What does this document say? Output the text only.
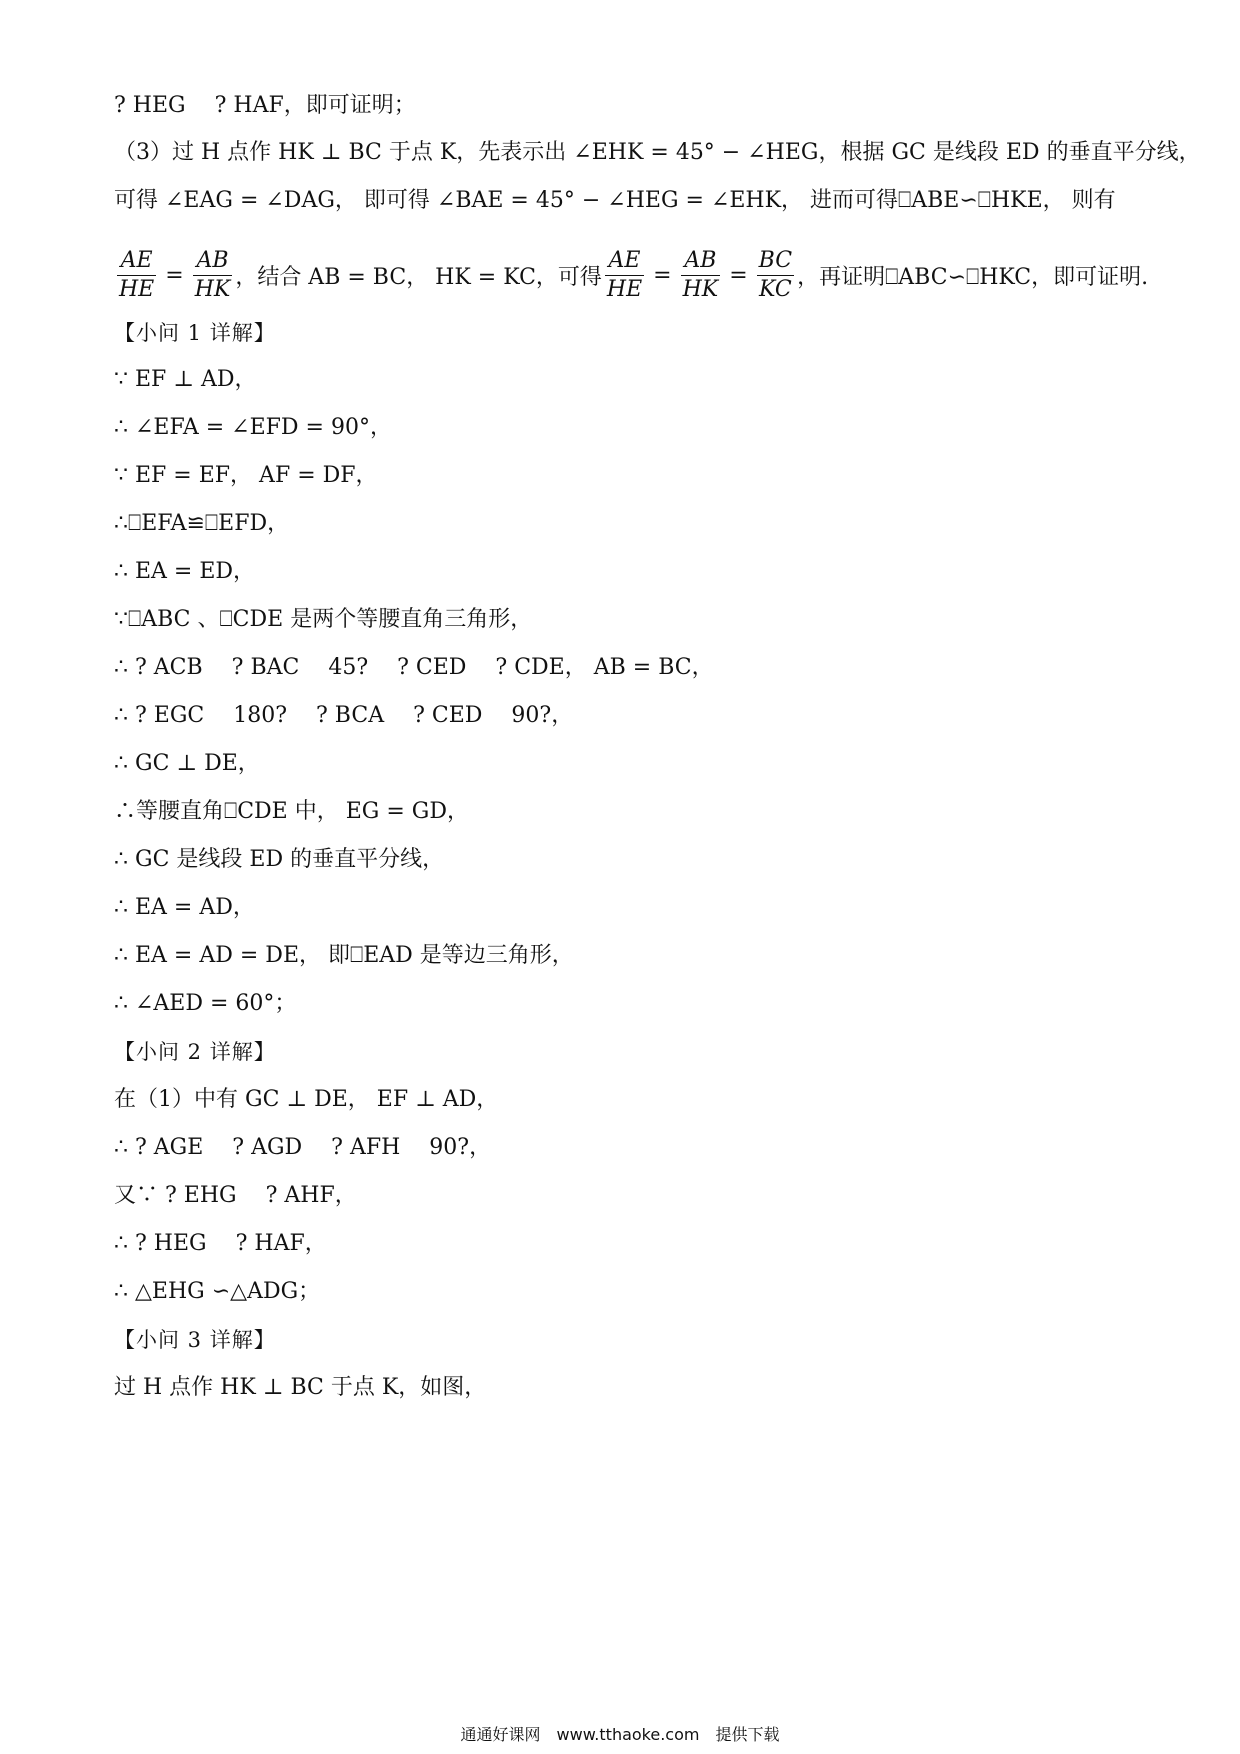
? HEG　 ? HAF，即可证明；
（3）过 H 点作 HK ⊥ BC 于点 K，先表示出 ∠EHK = 45° − ∠HEG，根据 GC 是线段 ED 的垂直平分线，
可得 ∠EAG = ∠DAG， 即可得 ∠BAE = 45° − ∠HEG = ∠EHK， 进而可得⎕ABE∽⎕HKE， 则有
$\frac{AE}{HE} = \frac{AB}{HK}$ ，结合 AB = BC， HK = KC，可得 $\frac{AE}{HE} = \frac{AB}{HK} = \frac{BC}{KC}$ ，再证明⎕ABC∽⎕HKC，即可证明.
【小问 1 详解】
∵ EF ⊥ AD，
∴ ∠EFA = ∠EFD = 90°，
∵ EF = EF， AF = DF，
∴⎕EFA≌⎕EFD，
∴ EA = ED，
∵⎕ABC 、⎕CDE 是两个等腰直角三角形，
∴ ? ACB　 ? BAC　 45?　 ? CED　 ? CDE， AB = BC，
∴ ? EGC　 180?　 ? BCA　 ? CED　 90?，
∴ GC ⊥ DE，
∴等腰直角⎕CDE 中， EG = GD，
∴ GC 是线段 ED 的垂直平分线，
∴ EA = AD，
∴ EA = AD = DE， 即⎕EAD 是等边三角形，
∴ ∠AED = 60°；
【小问 2 详解】
在（1）中有 GC ⊥ DE， EF ⊥ AD，
∴ ? AGE　 ? AGD　 ? AFH　 90?，
又∵ ? EHG　 ? AHF，
∴ ? HEG　 ? HAF，
∴ △EHG ∽△ADG；
【小问 3 详解】
过 H 点作 HK ⊥ BC 于点 K，如图，
通通好课网　www.tthaoke.com　提供下载
